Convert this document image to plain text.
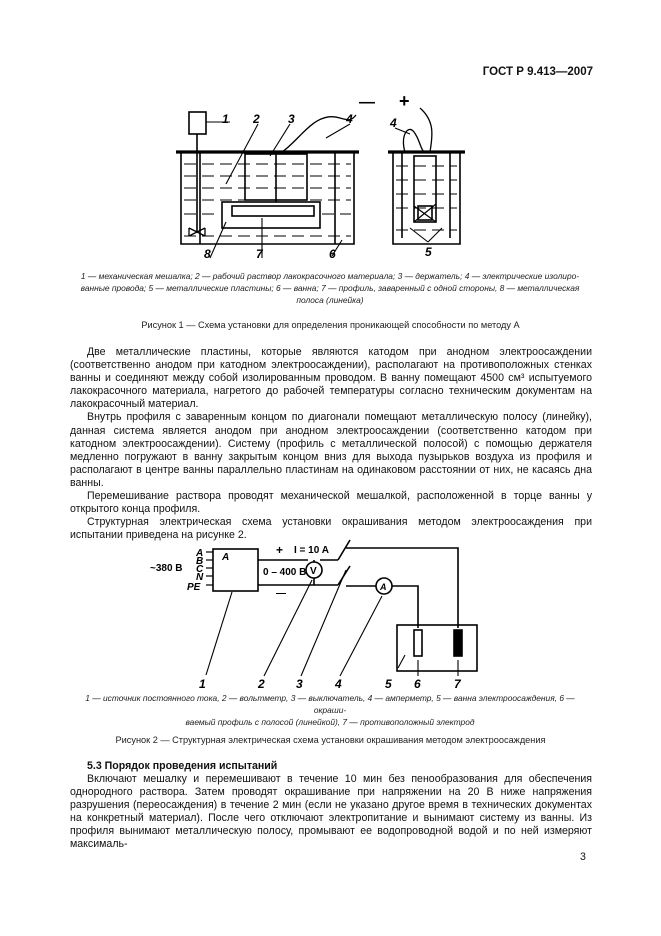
ГОСТ Р 9.413—2007
— +
1 2 3	4	4
5
6
7
8
1 — механическая мешалка; 2 — рабочий раствор лакокрасочного материала; 3 — держатель; 4 — электрические изолиро-
ванные провода; 5 — металлические пластины; 6 — ванна; 7 — профиль, заваренный с одной стороны, 8 — металлическая
полоса (линейка)
Рисунок 1 — Схема установки для определения проникающей способности по методу А

Две металлические пластины, которые являются катодом при анодном электроосаждении (соответственно анодом при катодном электроосаждении), располагают на противоположных стенках ванны и соединяют между собой изолированным проводом. В ванну помещают 4500 см³ испытуемого лакокрасочного материала, нагретого до рабочей температуры согласно техническим документам на лакокрасочный материал.

Внутрь профиля с заваренным концом по диагонали помещают металлическую полосу (линейку), данная система является анодом при анодном электроосаждении (соответственно катодом при катодном электроосаждении). Систему (профиль с металлической полосой) с помощью держателя медленно погружают в ванну закрытым концом вниз для выхода пузырьков воздуха из профиля и располагают в центре ванны параллельно пластинам на одинаковом расстоянии от них, не касаясь дна ванны.

Перемешивание раствора проводят механической мешалкой, расположенной в торце ванны у открытого конца профиля.

Структурная электрическая схема установки окрашивания методом электроосаждения при испытании приведена на рисунке 2.

~380 В
A
B
C
N
PE
A
+
—
I = 10 A
0 – 400 В V
A
1	2	3	4	5 6	7
1 — источник постоянного тока, 2 — вольтметр, 3 — выключатель, 4 — амперметр, 5 — ванна электроосаждения, 6 — окраши-
ваемый профиль с полосой (линейкой), 7 — противоположный электрод
Рисунок 2 — Структурная электрическая схема установки окрашивания методом электроосаждения
5.3 Порядок проведения испытаний

Включают мешалку и перемешивают в течение 10 мин без пенообразования для обеспечения однородного раствора. Затем проводят окрашивание при напряжении на 20 В ниже напряжения разрушения (переосаждения) в течение 2 мин (если не указано другое время в технических документах на конкретный материал). После чего отключают электропитание и вынимают систему из ванны. Из профиля вынимают металлическую полосу, промывают ее водопроводной водой и по ней измеряют максималь-

3
